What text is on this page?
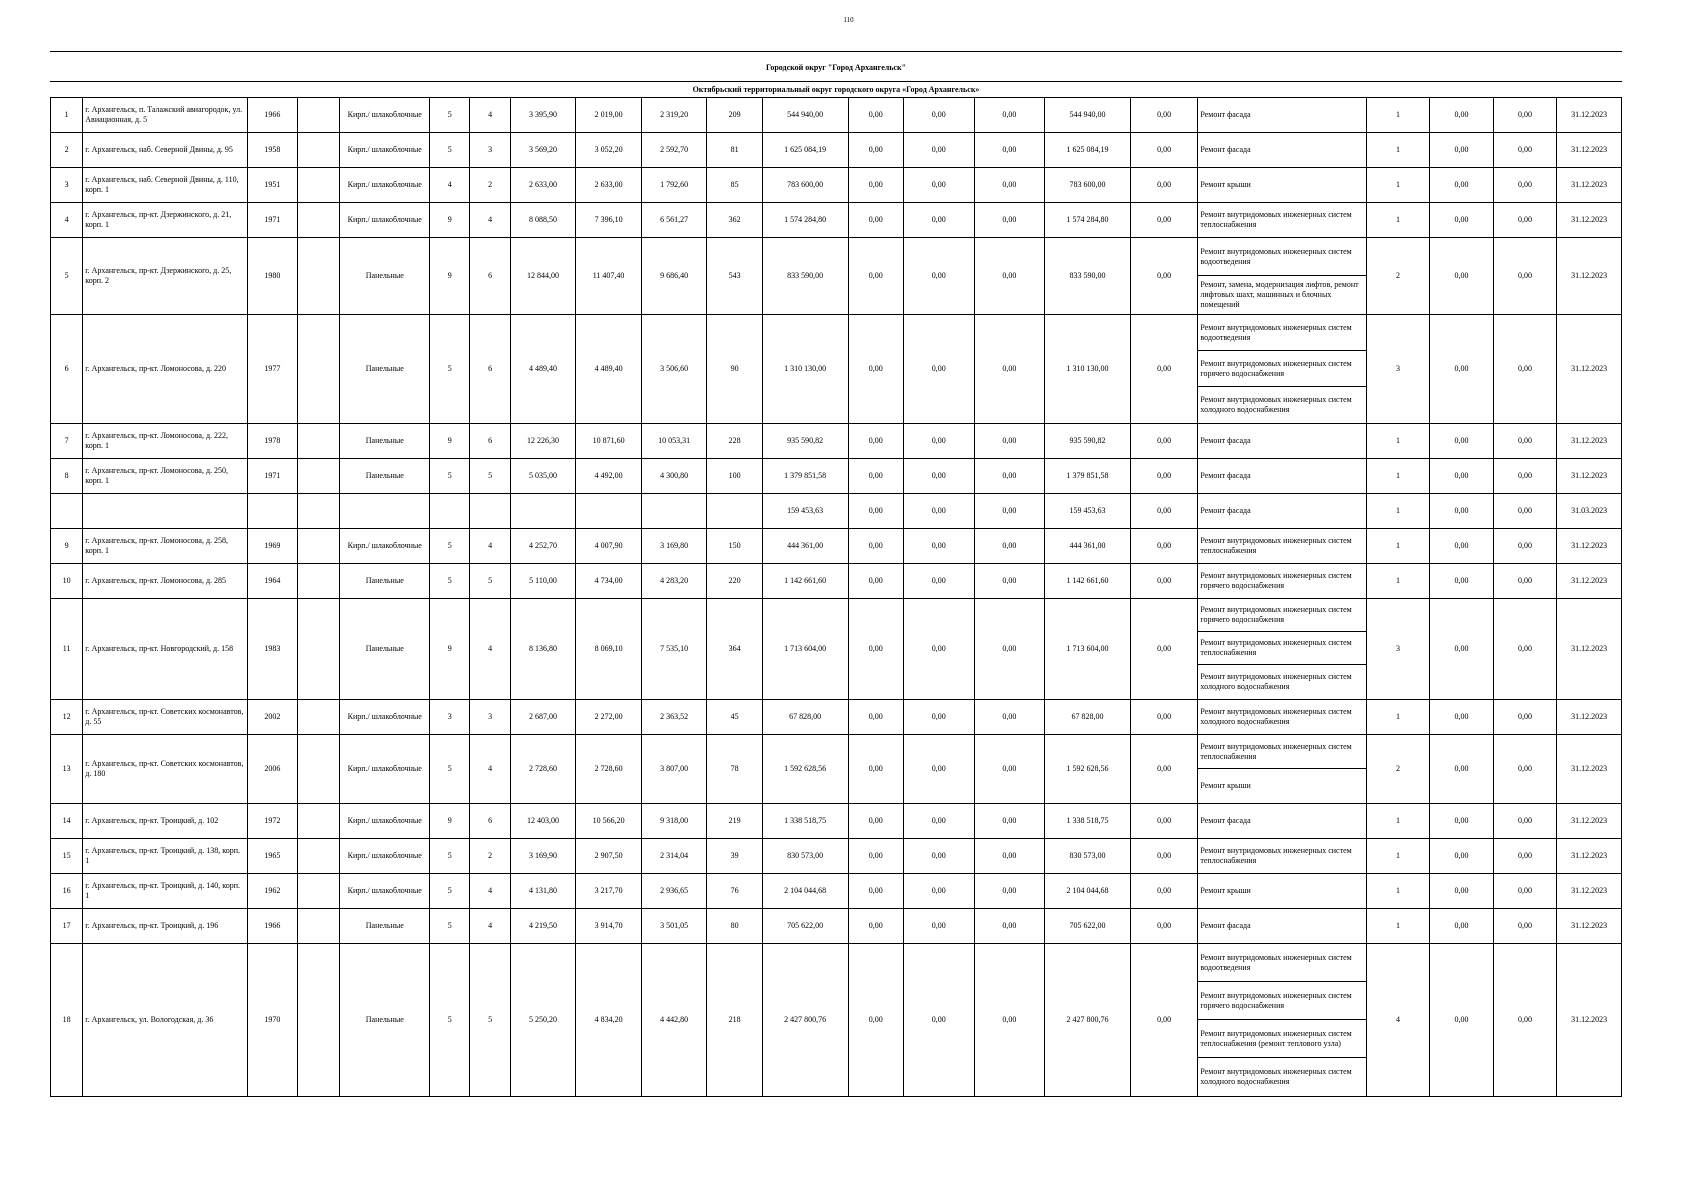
110
Городской округ "Город Архангельск"
Октябрьский территориальный округ городского округа «Город Архангельск»
1	г. Архангельск, п. Талажский авиагородок, ул. Авиационная, д. 5	1966		Кирп./ шлакоблочные	5	4	3 395,90	2 019,00	2 319,20	209	544 940,00	0,00	0,00	0,00	544 940,00	0,00	Ремонт фасада	1	0,00	0,00	31.12.2023
2	г. Архангельск, наб. Северной Двины, д. 95	1958		Кирп./ шлакоблочные	5	3	3 569,20	3 052,20	2 592,70	81	1 625 084,19	0,00	0,00	0,00	1 625 084,19	0,00	Ремонт фасада	1	0,00	0,00	31.12.2023
3	г. Архангельск, наб. Северной Двины, д. 110, корп. 1	1951		Кирп./ шлакоблочные	4	2	2 633,00	2 633,00	1 792,60	85	783 600,00	0,00	0,00	0,00	783 600,00	0,00	Ремонт крыши	1	0,00	0,00	31.12.2023
4	г. Архангельск, пр-кт. Дзержинского, д. 21, корп. 1	1971		Кирп./ шлакоблочные	9	4	8 088,50	7 396,10	6 561,27	362	1 574 284,80	0,00	0,00	0,00	1 574 284,80	0,00	Ремонт внутридомовых инженерных систем теплоснабжения	1	0,00	0,00	31.12.2023
5	г. Архангельск, пр-кт. Дзержинского, д. 25, корп. 2	1980		Панельные	9	6	12 844,00	11 407,40	9 686,40	543	833 590,00	0,00	0,00	0,00	833 590,00	0,00	Ремонт внутридомовых инженерных систем водоотведения	2	0,00	0,00	31.12.2023
																	Ремонт, замена, модернизация лифтов, ремонт лифтовых шахт, машинных и блочных помещений				
6	г. Архангельск, пр-кт. Ломоносова, д. 220	1977		Панельные	5	6	4 489,40	4 489,40	3 506,60	90	1 310 130,00	0,00	0,00	0,00	1 310 130,00	0,00	Ремонт внутридомовых инженерных систем водоотведения	3	0,00	0,00	31.12.2023
																	Ремонт внутридомовых инженерных систем горячего водоснабжения				
																	Ремонт внутридомовых инженерных систем холодного водоснабжения				
7	г. Архангельск, пр-кт. Ломоносова, д. 222, корп. 1	1978		Панельные	9	6	12 226,30	10 871,60	10 053,31	228	935 590,82	0,00	0,00	0,00	935 590,82	0,00	Ремонт фасада	1	0,00	0,00	31.12.2023
8	г. Архангельск, пр-кт. Ломоносова, д. 250, корп. 1	1971		Панельные	5	5	5 035,00	4 492,00	4 300,80	100	1 379 851,58	0,00	0,00	0,00	1 379 851,58	0,00	Ремонт фасада	1	0,00	0,00	31.12.2023
											159 453,63	0,00	0,00	0,00	159 453,63	0,00	Ремонт фасада	1	0,00	0,00	31.03.2023
9	г. Архангельск, пр-кт. Ломоносова, д. 258, корп. 1	1969		Кирп./ шлакоблочные	5	4	4 252,70	4 007,90	3 169,80	150	444 361,00	0,00	0,00	0,00	444 361,00	0,00	Ремонт внутридомовых инженерных систем теплоснабжения	1	0,00	0,00	31.12.2023
10	г. Архангельск, пр-кт. Ломоносова, д. 285	1964		Панельные	5	5	5 110,00	4 734,00	4 283,20	220	1 142 661,60	0,00	0,00	0,00	1 142 661,60	0,00	Ремонт внутридомовых инженерных систем горячего водоснабжения	1	0,00	0,00	31.12.2023
11	г. Архангельск, пр-кт. Новгородский, д. 158	1983		Панельные	9	4	8 136,80	8 069,10	7 535,10	364	1 713 604,00	0,00	0,00	0,00	1 713 604,00	0,00	Ремонт внутридомовых инженерных систем горячего водоснабжения	3	0,00	0,00	31.12.2023
																	Ремонт внутридомовых инженерных систем теплоснабжения				
																	Ремонт внутридомовых инженерных систем холодного водоснабжения				
12	г. Архангельск, пр-кт. Советских космонавтов, д. 55	2002		Кирп./ шлакоблочные	3	3	2 687,00	2 272,00	2 363,52	45	67 828,00	0,00	0,00	0,00	67 828,00	0,00	Ремонт внутридомовых инженерных систем холодного водоснабжения	1	0,00	0,00	31.12.2023
13	г. Архангельск, пр-кт. Советских космонавтов, д. 180	2006		Кирп./ шлакоблочные	5	4	2 728,60	2 728,60	3 807,00	78	1 592 628,56	0,00	0,00	0,00	1 592 628,56	0,00	Ремонт внутридомовых инженерных систем теплоснабжения	2	0,00	0,00	31.12.2023
																	Ремонт крыши				
14	г. Архангельск, пр-кт. Троицкий, д. 102	1972		Кирп./ шлакоблочные	9	6	12 403,00	10 566,20	9 318,00	219	1 338 518,75	0,00	0,00	0,00	1 338 518,75	0,00	Ремонт фасада	1	0,00	0,00	31.12.2023
15	г. Архангельск, пр-кт. Троицкий, д. 138, корп. 1	1965		Кирп./ шлакоблочные	5	2	3 169,90	2 907,50	2 314,04	39	830 573,00	0,00	0,00	0,00	830 573,00	0,00	Ремонт внутридомовых инженерных систем теплоснабжения	1	0,00	0,00	31.12.2023
16	г. Архангельск, пр-кт. Троицкий, д. 140, корп. 1	1962		Кирп./ шлакоблочные	5	4	4 131,80	3 217,70	2 936,65	76	2 104 044,68	0,00	0,00	0,00	2 104 044,68	0,00	Ремонт крыши	1	0,00	0,00	31.12.2023
17	г. Архангельск, пр-кт. Троицкий, д. 196	1966		Панельные	5	4	4 219,50	3 914,70	3 501,05	80	705 622,00	0,00	0,00	0,00	705 622,00	0,00	Ремонт фасада	1	0,00	0,00	31.12.2023
18	г. Архангельск, ул. Вологодская, д. 36	1970		Панельные	5	5	5 250,20	4 834,20	4 442,80	218	2 427 800,76	0,00	0,00	0,00	2 427 800,76	0,00	Ремонт внутридомовых инженерных систем водоотведения	4	0,00	0,00	31.12.2023
																	Ремонт внутридомовых инженерных систем горячего водоснабжения				
																	Ремонт внутридомовых инженерных систем теплоснабжения (ремонт теплового узла)				
																	Ремонт внутридомовых инженерных систем холодного водоснабжения				
